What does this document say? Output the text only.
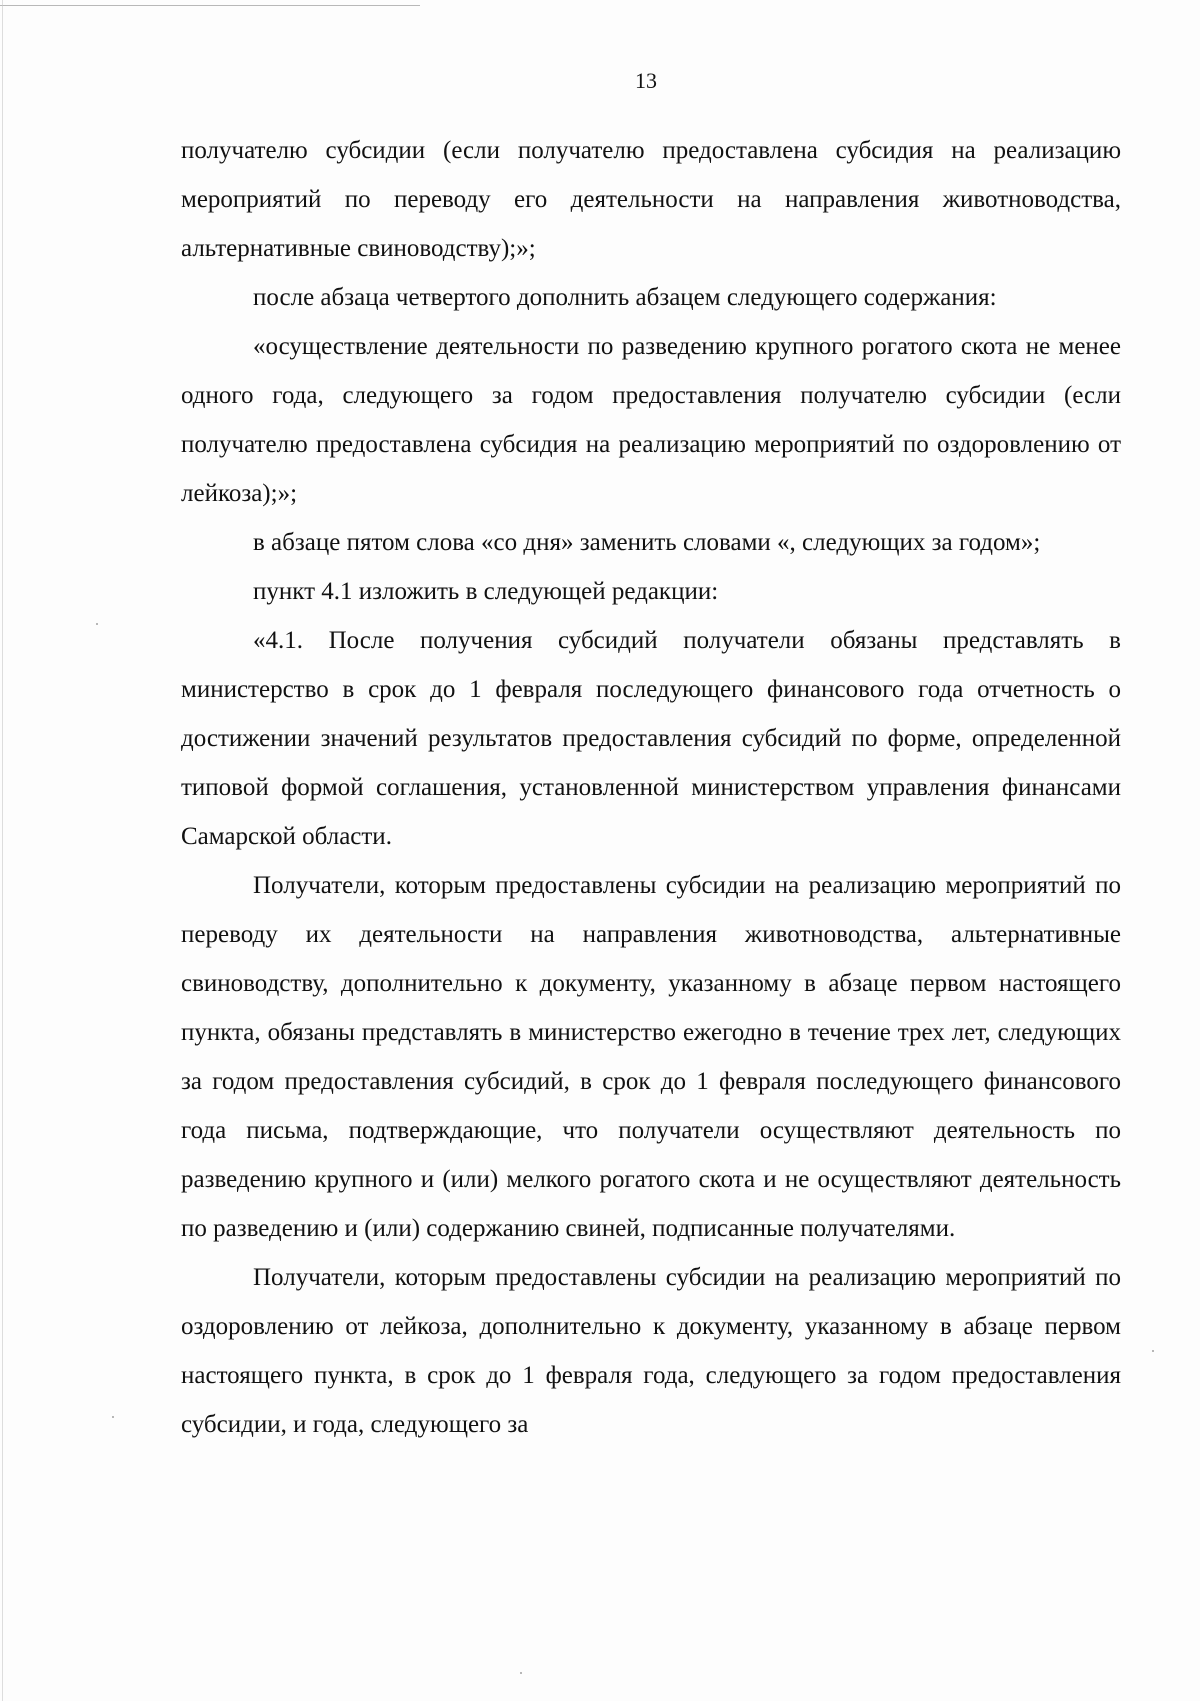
13

получателю субсидии (если получателю предоставлена субсидия на реализацию мероприятий по переводу его деятельности на направления животноводства, альтернативные свиноводству);»;

после абзаца четвертого дополнить абзацем следующего содержания:

«осуществление деятельности по разведению крупного рогатого скота не менее одного года, следующего за годом предоставления получателю субсидии (если получателю предоставлена субсидия на реализацию мероприятий по оздоровлению от лейкоза);»;

в абзаце пятом слова «со дня» заменить словами «, следующих за годом»;

пункт 4.1 изложить в следующей редакции:

«4.1. После получения субсидий получатели обязаны представлять в министерство в срок до 1 февраля последующего финансового года отчетность о достижении значений результатов предоставления субсидий по форме, определенной типовой формой соглашения, установленной министерством управления финансами Самарской области.

Получатели, которым предоставлены субсидии на реализацию мероприятий по переводу их деятельности на направления животноводства, альтернативные свиноводству, дополнительно к документу, указанному в абзаце первом настоящего пункта, обязаны представлять в министерство ежегодно в течение трех лет, следующих за годом предоставления субсидий, в срок до 1 февраля последующего финансового года письма, подтверждающие, что получатели осуществляют деятельность по разведению крупного и (или) мелкого рогатого скота и не осуществляют деятельность по разведению и (или) содержанию свиней, подписанные получателями.

Получатели, которым предоставлены субсидии на реализацию мероприятий по оздоровлению от лейкоза, дополнительно к документу, указанному в абзаце первом настоящего пункта, в срок до 1 февраля года, следующего за годом предоставления субсидии, и года, следующего за
